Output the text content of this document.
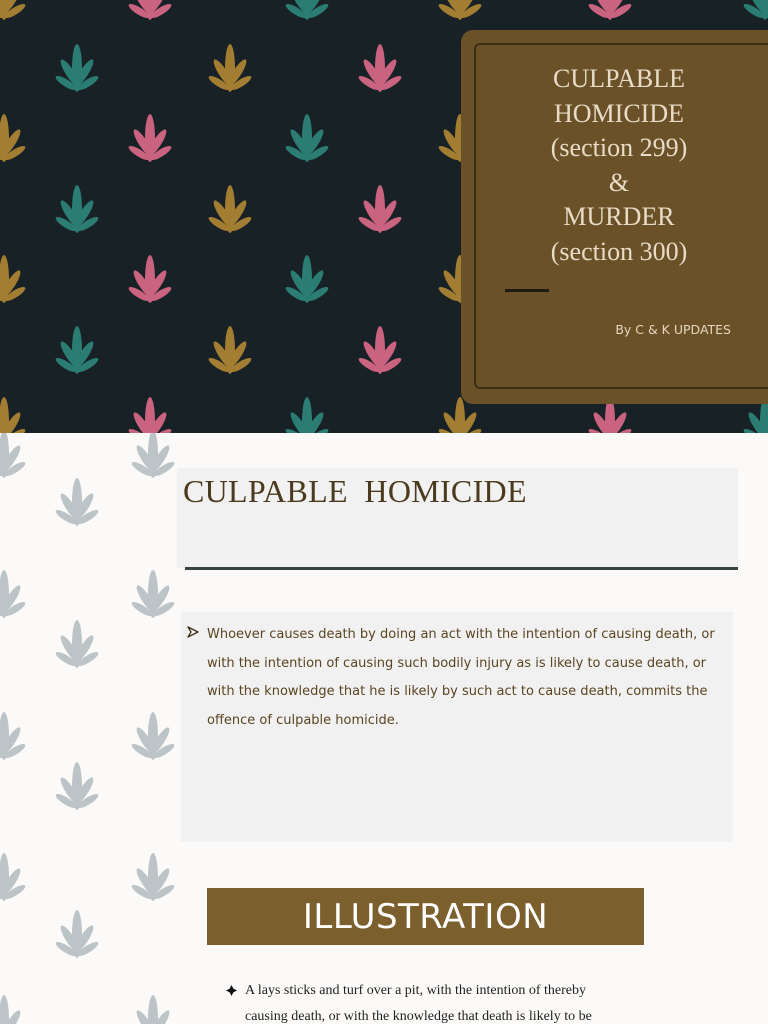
CULPABLE
HOMICIDE
(section 299)
&
MURDER
(section 300)
By C & K UPDATES
CULPABLE  HOMICIDE

Whoever causes death by doing an act with the intention of causing death, or with the intention of causing such bodily injury as is likely to cause death, or with the knowledge that he is likely by such act to cause death, commits the offence of culpable homicide.

ILLUSTRATION

A lays sticks and turf over a pit, with the intention of thereby causing death, or with the knowledge that death is likely to be
